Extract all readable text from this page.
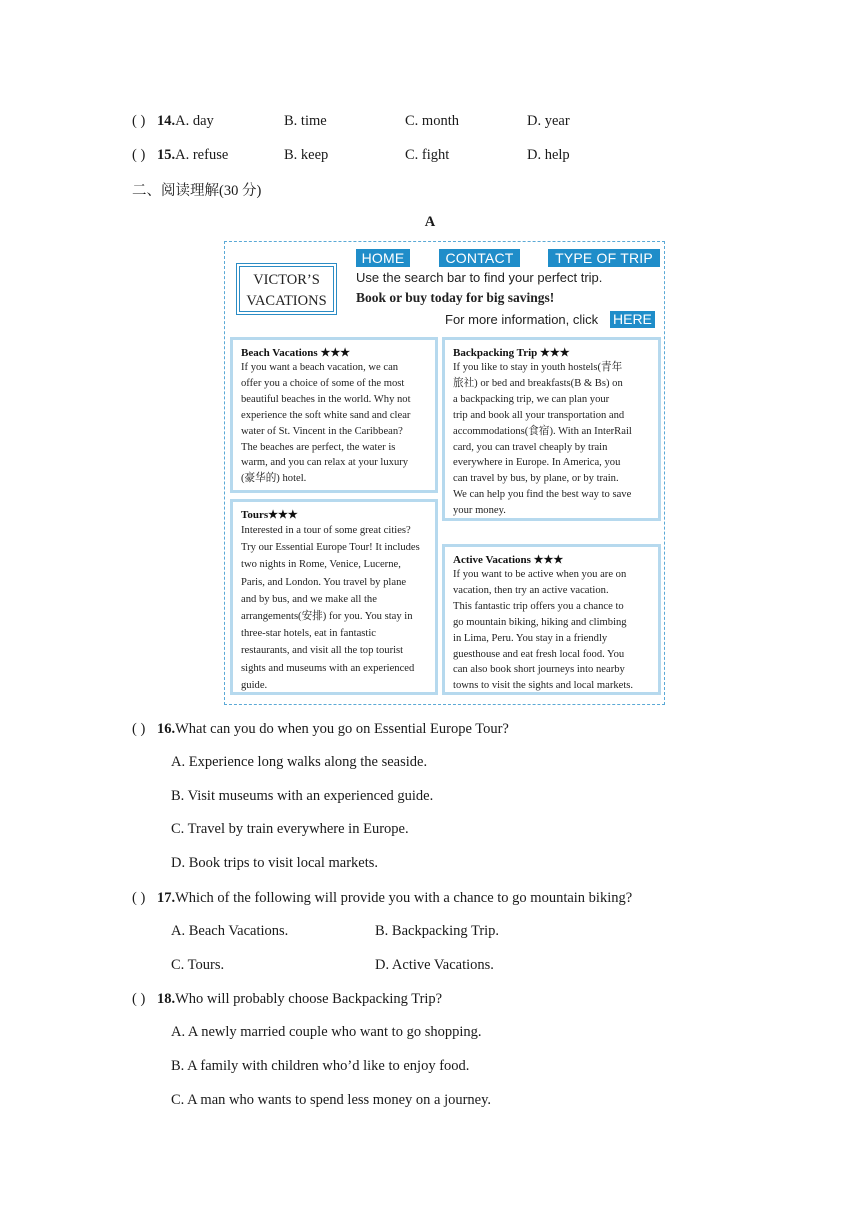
( ) 14.A. day	B. time	C. month	D. year
( ) 15.A. refuse	B. keep	C. fight	D. help
二、阅读理解(30 分)
A
HOME	CONTACT	TYPE OF TRIP
VICTOR’S
VACATIONS
Use the search bar to find your perfect trip.
Book or buy today for big savings!
For more information, click HERE
Beach Vacations ★★★
If you want a beach vacation, we can
offer you a choice of some of the most
beautiful beaches in the world. Why not
experience the soft white sand and clear
water of St. Vincent in the Caribbean?
The beaches are perfect, the water is
warm, and you can relax at your luxury
(豪华的) hotel.
Backpacking Trip ★★★
If you like to stay in youth hostels(青年
旅社) or bed and breakfasts(B & Bs) on
a backpacking trip, we can plan your
trip and book all your transportation and
accommodations(食宿). With an InterRail
card, you can travel cheaply by train
everywhere in Europe. In America, you
can travel by bus, by plane, or by train.
We can help you find the best way to save
your money.
Tours★★★
Interested in a tour of some great cities?
Try our Essential Europe Tour! It includes
two nights in Rome, Venice, Lucerne,
Paris, and London. You travel by plane
and by bus, and we make all the
arrangements(安排) for you. You stay in
three-star hotels, eat in fantastic
restaurants, and visit all the top tourist
sights and museums with an experienced
guide.
Active Vacations ★★★
If you want to be active when you are on
vacation, then try an active vacation.
This fantastic trip offers you a chance to
go mountain biking, hiking and climbing
in Lima, Peru. You stay in a friendly
guesthouse and eat fresh local food. You
can also book short journeys into nearby
towns to visit the sights and local markets.
( ) 16.What can you do when you go on Essential Europe Tour?
A. Experience long walks along the seaside.
B. Visit museums with an experienced guide.
C. Travel by train everywhere in Europe.
D. Book trips to visit local markets.
( ) 17.Which of the following will provide you with a chance to go mountain biking?
A. Beach Vacations.	B. Backpacking Trip.
C. Tours.	D. Active Vacations.
( ) 18.Who will probably choose Backpacking Trip?
A. A newly married couple who want to go shopping.
B. A family with children who’d like to enjoy food.
C. A man who wants to spend less money on a journey.
